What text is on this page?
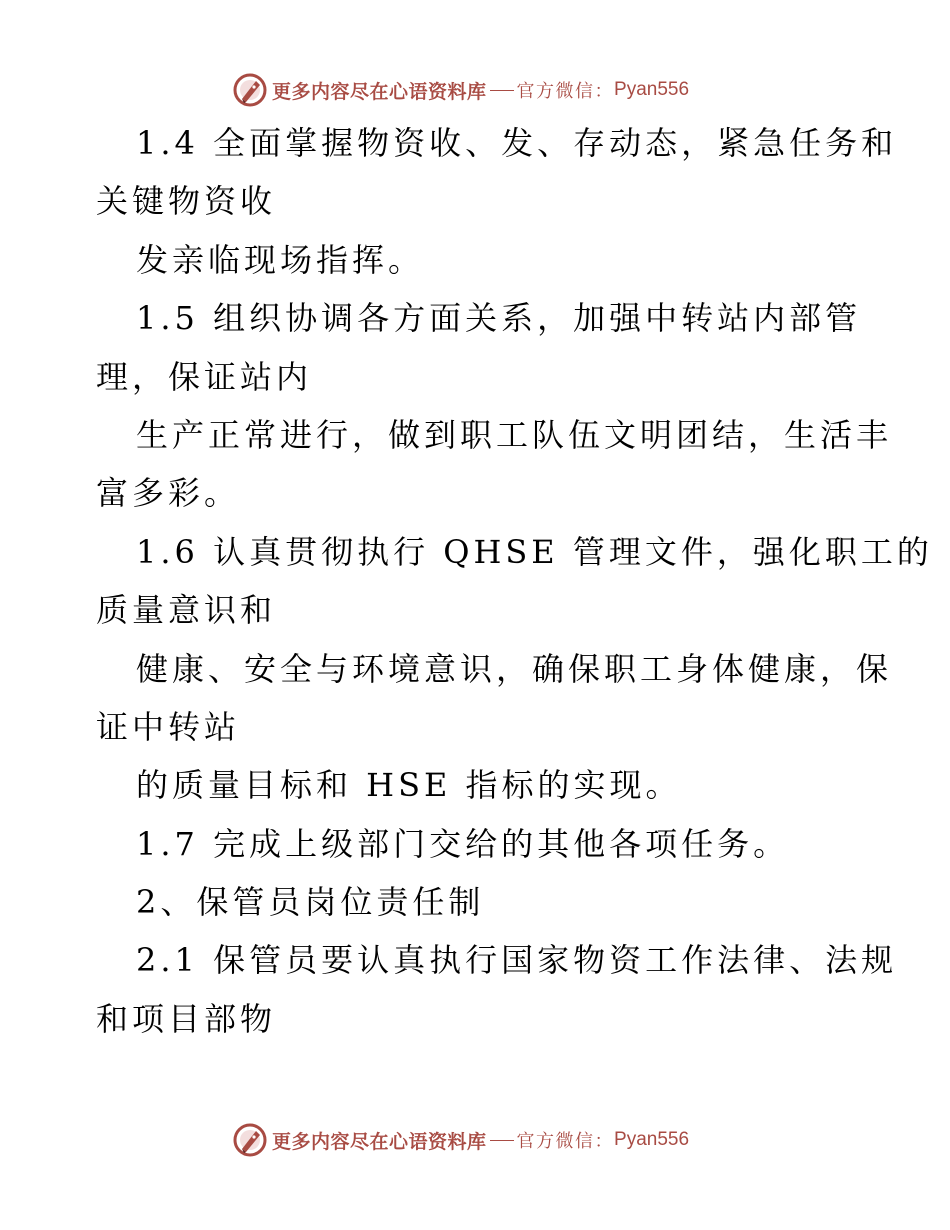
更多内容尽在心语资料库 官方微信： Pyan556
1.4 全面掌握物资收、发、存动态，紧急任务和
关键物资收
发亲临现场指挥。
1.5 组织协调各方面关系，加强中转站内部管
理，保证站内
生产正常进行，做到职工队伍文明团结，生活丰
富多彩。
1.6 认真贯彻执行 QHSE 管理文件，强化职工的
质量意识和
健康、安全与环境意识，确保职工身体健康，保
证中转站
的质量目标和 HSE 指标的实现。
1.7 完成上级部门交给的其他各项任务。
2、保管员岗位责任制
2.1 保管员要认真执行国家物资工作法律、法规
和项目部物
更多内容尽在心语资料库 官方微信： Pyan556
